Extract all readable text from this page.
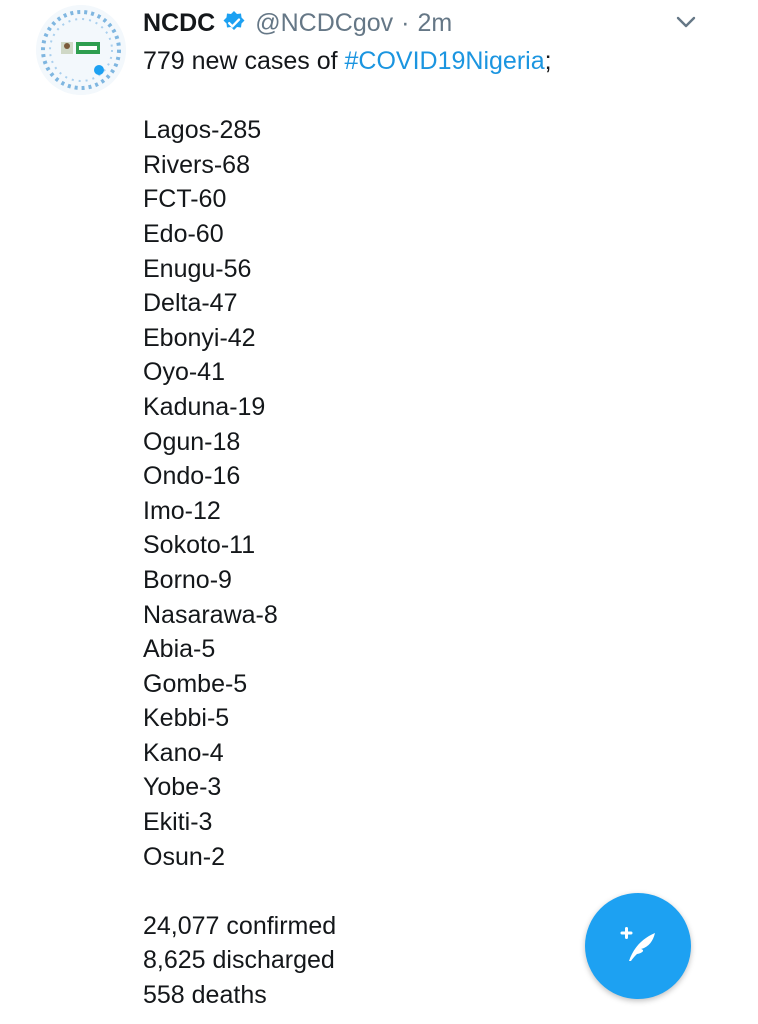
NCDC @NCDCgov · 2m
779 new cases of #COVID19Nigeria;
Lagos-285
Rivers-68
FCT-60
Edo-60
Enugu-56
Delta-47
Ebonyi-42
Oyo-41
Kaduna-19
Ogun-18
Ondo-16
Imo-12
Sokoto-11
Borno-9
Nasarawa-8
Abia-5
Gombe-5
Kebbi-5
Kano-4
Yobe-3
Ekiti-3
Osun-2
24,077 confirmed
8,625 discharged
558 deaths
